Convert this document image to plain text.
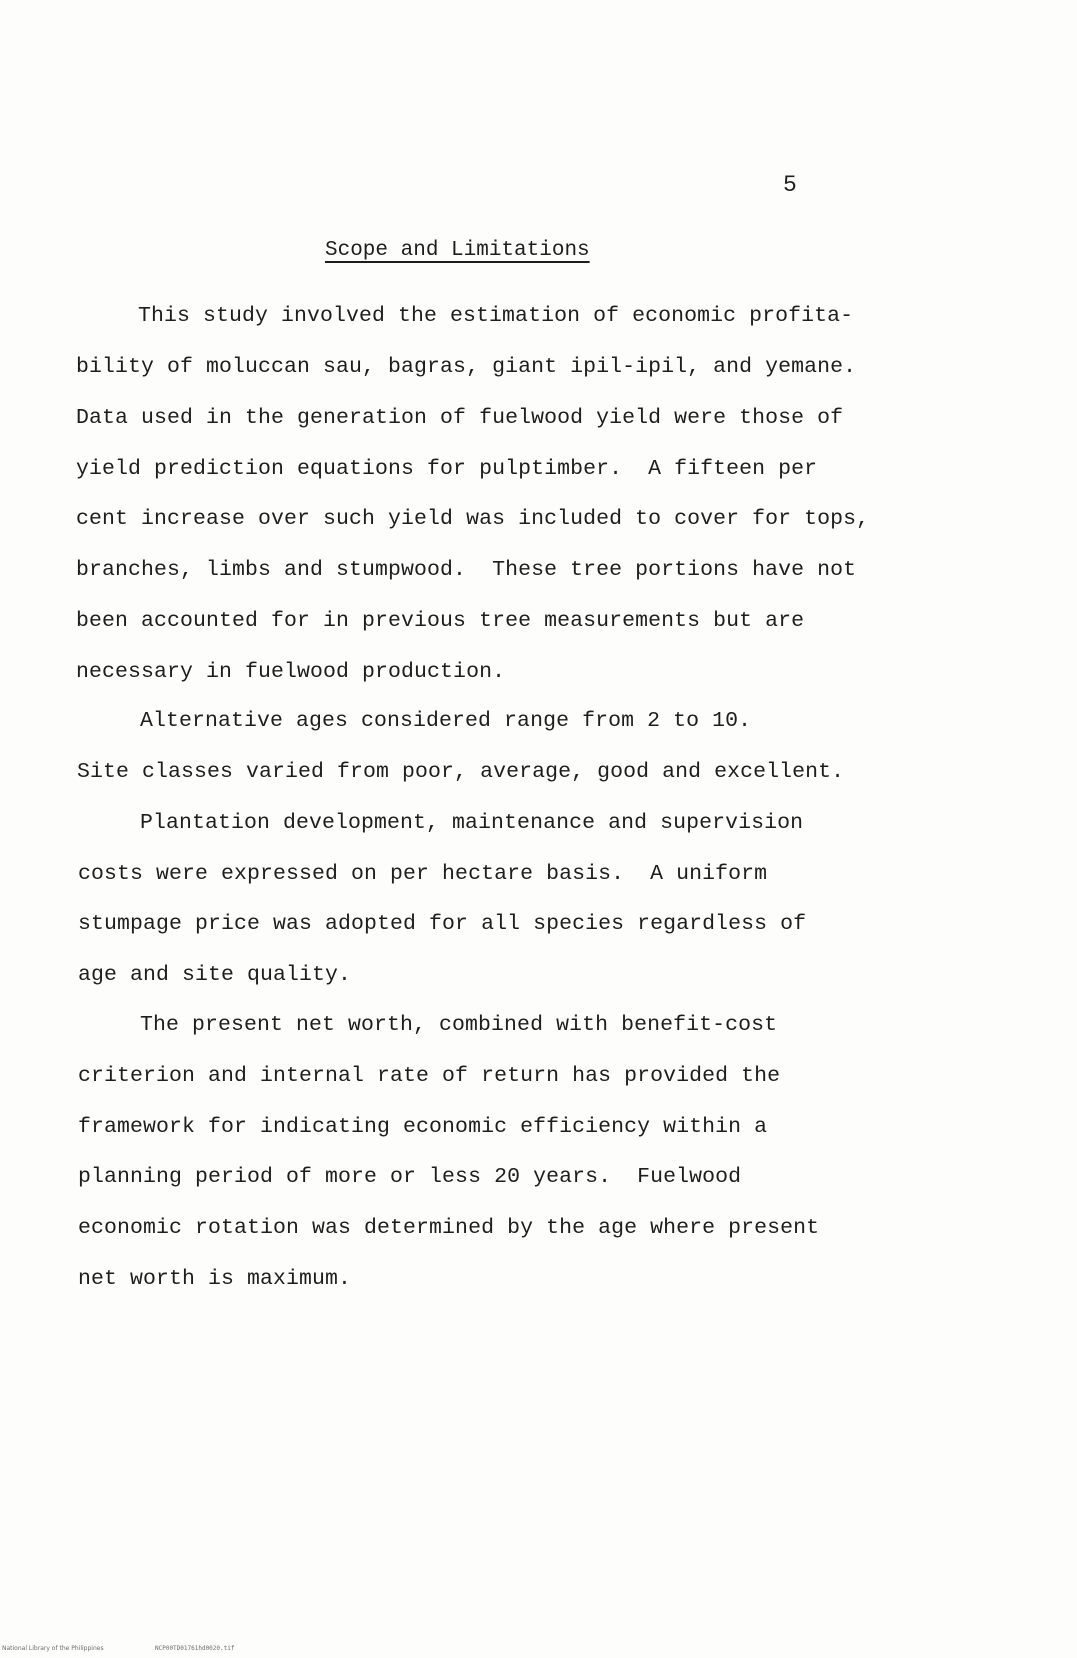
5
Scope and Limitations
This study involved the estimation of economic profita-
bility of moluccan sau, bagras, giant ipil-ipil, and yemane.
Data used in the generation of fuelwood yield were those of
yield prediction equations for pulptimber.  A fifteen per
cent increase over such yield was included to cover for tops,
branches, limbs and stumpwood.  These tree portions have not
been accounted for in previous tree measurements but are
necessary in fuelwood production.
Alternative ages considered range from 2 to 10.
Site classes varied from poor, average, good and excellent.
Plantation development, maintenance and supervision
costs were expressed on per hectare basis.  A uniform
stumpage price was adopted for all species regardless of
age and site quality.
The present net worth, combined with benefit-cost
criterion and internal rate of return has provided the
framework for indicating economic efficiency within a
planning period of more or less 20 years.  Fuelwood
economic rotation was determined by the age where present
net worth is maximum.
National Library of the Philippines	NCP00TD01761hd0020.tif
